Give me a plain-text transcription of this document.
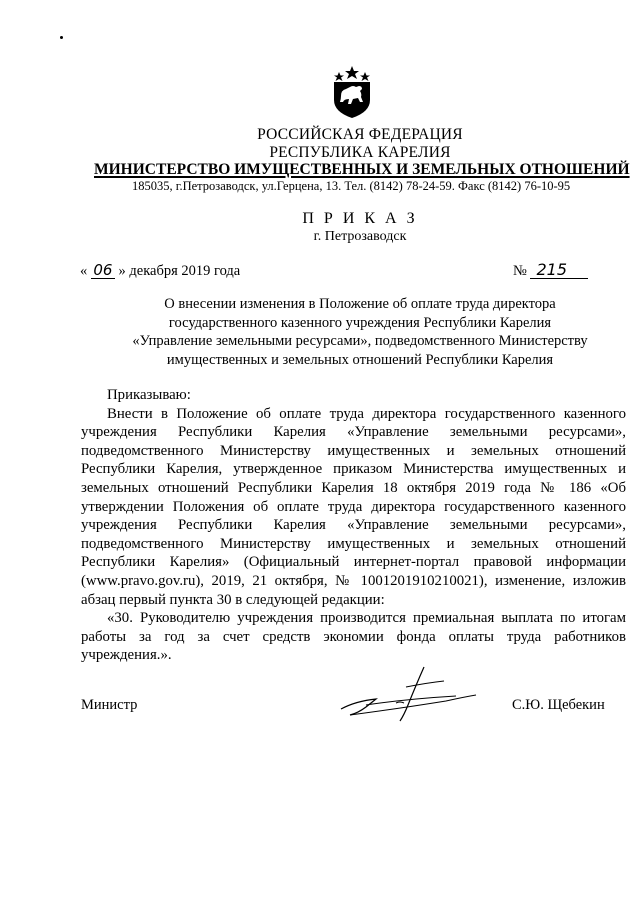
РОССИЙСКАЯ ФЕДЕРАЦИЯ
РЕСПУБЛИКА КАРЕЛИЯ
МИНИСТЕРСТВО ИМУЩЕСТВЕННЫХ И ЗЕМЕЛЬНЫХ ОТНОШЕНИЙ
185035, г.Петрозаводск, ул.Герцена, 13. Тел. (8142) 78-24-59. Факс (8142) 76-10-95
П Р И К А З
г. Петрозаводск
« 06 » декабря 2019 года	№ 215
О внесении изменения в Положение об оплате труда директора
государственного казенного учреждения Республики Карелия
«Управление земельными ресурсами», подведомственного Министерству
имущественных и земельных отношений Республики Карелия

Приказываю:

Внести в Положение об оплате труда директора государственного казенного учреждения Республики Карелия «Управление земельными ресурсами», подведомственного Министерству имущественных и земельных отношений Республики Карелия, утвержденное приказом Министерства имущественных и земельных отношений Республики Карелия 18 октября 2019 года № 186 «Об утверждении Положения об оплате труда директора государственного казенного учреждения Республики Карелия «Управление земельными ресурсами», подведомственного Министерству имущественных и земельных отношений Республики Карелия» (Официальный интернет-портал правовой информации (www.pravo.gov.ru), 2019, 21 октября, № 1001201910210021), изменение, изложив абзац первый пункта 30 в следующей редакции:

«30. Руководителю учреждения производится премиальная выплата по итогам работы за год за счет средств экономии фонда оплаты труда работников учреждения.».

Министр	С.Ю. Щебекин
